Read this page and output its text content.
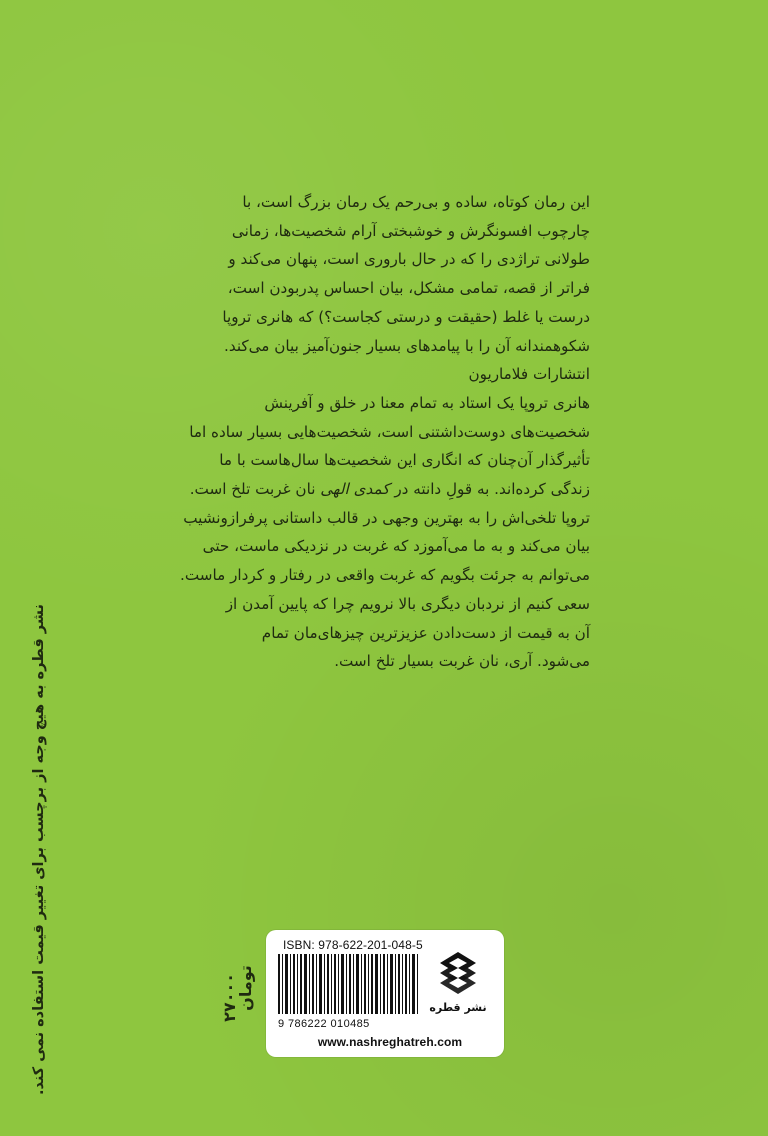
این رمان کوتاه، ساده و بی‌رحم یک رمان بزرگ است، با
چارچوب افسونگرش و خوشبختی آرام شخصیت‌ها، زمانی
طولانی تراژدی را که در حال باروری است، پنهان می‌کند و
فراتر از قصه، تمامی مشکل، بیان احساس پدربودن است،
درست یا غلط (حقیقت و درستی کجاست؟) که هانری تروپا
شکوهمندانه آن را با پیامدهای بسیار جنون‌آمیز بیان می‌کند.

انتشارات فلاماریون

هانری تروپا یک استاد به تمام معنا در خلق و آفرینش
شخصیت‌های دوست‌داشتنی است، شخصیت‌هایی بسیار ساده اما
تأثیرگذار آن‌چنان که انگاری این شخصیت‌ها سال‌هاست با ما
زندگی کرده‌اند. به قولِ دانته در کمدی الهی نان غربت تلخ است.
تروپا تلخی‌اش را به بهترین وجهی در قالب داستانی پرفرازونشیب
بیان می‌کند و به ما می‌آموزد که غربت در نزدیکی ماست، حتی
می‌توانم به جرئت بگویم که غربت واقعی در رفتار و کردار ماست.
سعی کنیم از نردبان دیگری بالا نرویم چرا که پایین آمدن از
آن به قیمت از دست‌دادن عزیزترین چیزهای‌مان تمام
می‌شود. آری، نان غربت بسیار تلخ است.

نشر قطره به هیچ وجه از برچسب برای تغییر قیمت استفاده نمی کند.	۲۷۰۰۰
تومان
ISBN: 978-622-201-048-5
9 786222 010485
نشر قطره
www.nashreghatreh.com
